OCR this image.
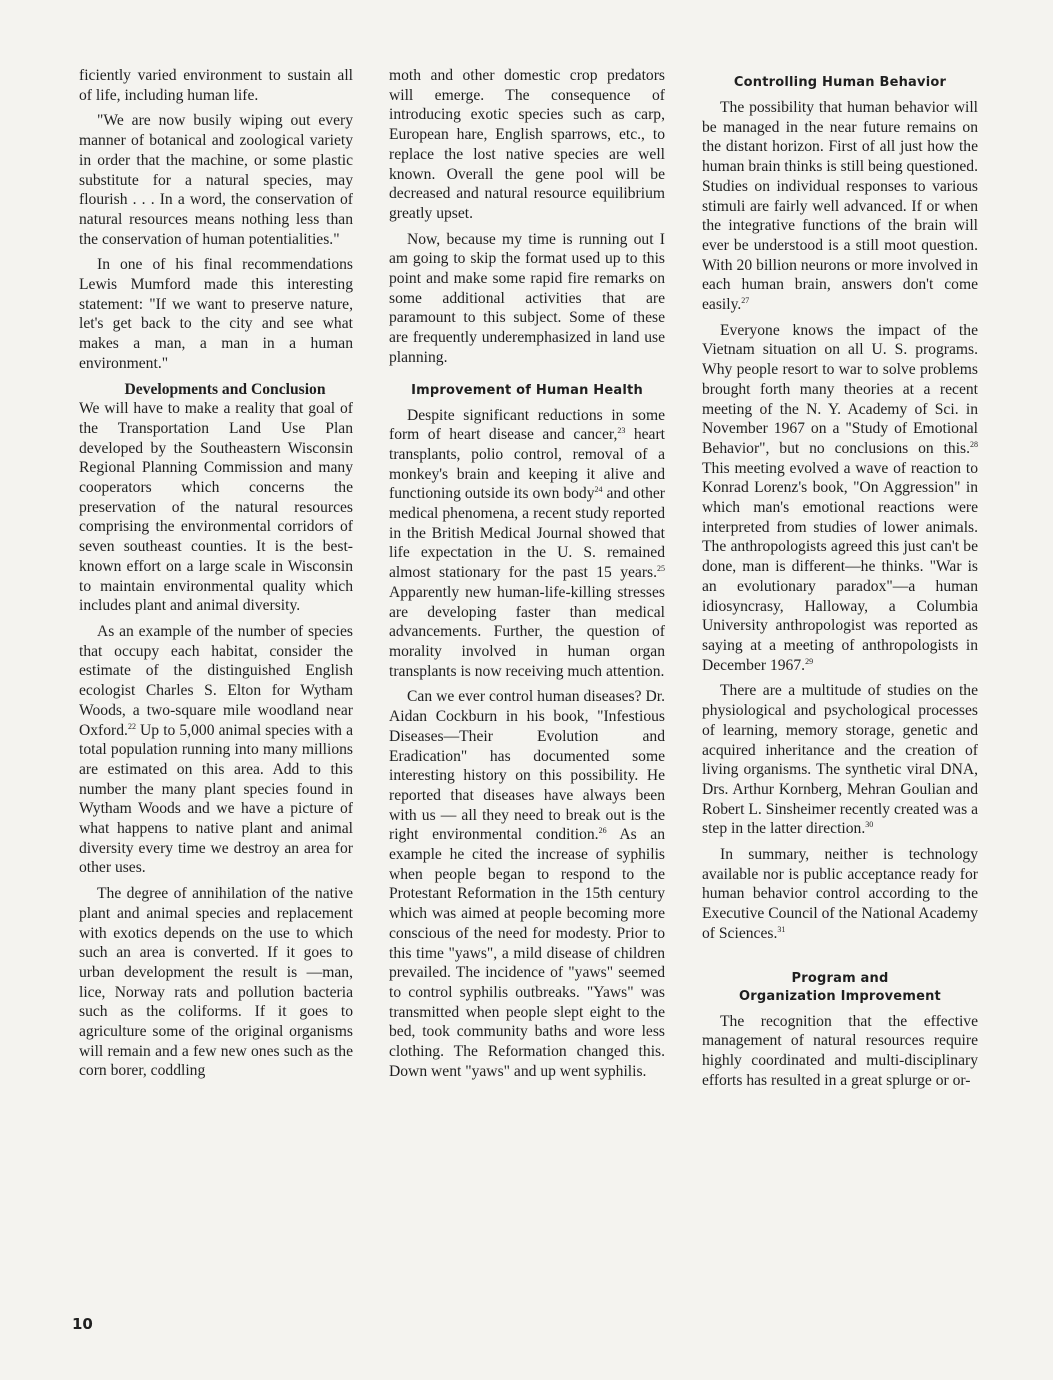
ficiently varied environment to sustain all of life, including human life.

"We are now busily wiping out every manner of botanical and zoological variety in order that the machine, or some plastic substitute for a natural species, may flourish . . . In a word, the conservation of natural resources means nothing less than the conservation of human potentialities."

In one of his final recommendations Lewis Mumford made this interesting statement: "If we want to preserve nature, let's get back to the city and see what makes a man, a man in a human environment."

Developments and Conclusion

We will have to make a reality that goal of the Transportation Land Use Plan developed by the Southeastern Wisconsin Regional Planning Commission and many cooperators which concerns the preservation of the natural resources comprising the environmental corridors of seven southeast counties. It is the best-known effort on a large scale in Wisconsin to maintain environmental quality which includes plant and animal diversity.

As an example of the number of species that occupy each habitat, consider the estimate of the distinguished English ecologist Charles S. Elton for Wytham Woods, a two-square mile woodland near Oxford.$^{22}$ Up to 5,000 animal species with a total population running into many millions are estimated on this area. Add to this number the many plant species found in Wytham Woods and we have a picture of what happens to native plant and animal diversity every time we destroy an area for other uses.

The degree of annihilation of the native plant and animal species and replacement with exotics depends on the use to which such an area is converted. If it goes to urban development the result is —man, lice, Norway rats and pollution bacteria such as the coliforms. If it goes to agriculture some of the original organisms will remain and a few new ones such as the corn borer, coddling

moth and other domestic crop predators will emerge. The consequence of introducing exotic species such as carp, European hare, English sparrows, etc., to replace the lost native species are well known. Overall the gene pool will be decreased and natural resource equilibrium greatly upset.

Now, because my time is running out I am going to skip the format used up to this point and make some rapid fire remarks on some additional activities that are paramount to this subject. Some of these are frequently underemphasized in land use planning.

Improvement of Human Health

Despite significant reductions in some form of heart disease and cancer,$^{23}$ heart transplants, polio control, removal of a monkey's brain and keeping it alive and functioning outside its own body$^{24}$ and other medical phenomena, a recent study reported in the British Medical Journal showed that life expectation in the U. S. remained almost stationary for the past 15 years.$^{25}$ Apparently new human-life-killing stresses are developing faster than medical advancements. Further, the question of morality involved in human organ transplants is now receiving much attention.

Can we ever control human diseases? Dr. Aidan Cockburn in his book, "Infestious Diseases—Their Evolution and Eradication" has documented some interesting history on this possibility. He reported that diseases have always been with us — all they need to break out is the right environmental condition.$^{26}$ As an example he cited the increase of syphilis when people began to respond to the Protestant Reformation in the 15th century which was aimed at people becoming more conscious of the need for modesty. Prior to this time "yaws", a mild disease of children prevailed. The incidence of "yaws" seemed to control syphilis outbreaks. "Yaws" was transmitted when people slept eight to the bed, took community baths and wore less clothing. The Reformation changed this. Down went "yaws" and up went syphilis.

Controlling Human Behavior

The possibility that human behavior will be managed in the near future remains on the distant horizon. First of all just how the human brain thinks is still being questioned. Studies on individual responses to various stimuli are fairly well advanced. If or when the integrative functions of the brain will ever be understood is a still moot question. With 20 billion neurons or more involved in each human brain, answers don't come easily.$^{27}$

Everyone knows the impact of the Vietnam situation on all U. S. programs. Why people resort to war to solve problems brought forth many theories at a recent meeting of the N. Y. Academy of Sci. in November 1967 on a "Study of Emotional Behavior", but no conclusions on this.$^{28}$ This meeting evolved a wave of reaction to Konrad Lorenz's book, "On Aggression" in which man's emotional reactions were interpreted from studies of lower animals. The anthropologists agreed this just can't be done, man is different—he thinks. "War is an evolutionary paradox"—a human idiosyncrasy, Halloway, a Columbia University anthropologist was reported as saying at a meeting of anthropologists in December 1967.29

There are a multitude of studies on the physiological and psychological processes of learning, memory storage, genetic and acquired inheritance and the creation of living organisms. The synthetic viral DNA, Drs. Arthur Kornberg, Mehran Goulian and Robert L. Sinsheimer recently created was a step in the latter direction.$^{30}$

In summary, neither is technology available nor is public acceptance ready for human behavior control according to the Executive Council of the National Academy of Sciences.$^{31}$

Program and
Organization Improvement

The recognition that the effective management of natural resources require highly coordinated and multi-disciplinary efforts has resulted in a great splurge or or-

10
